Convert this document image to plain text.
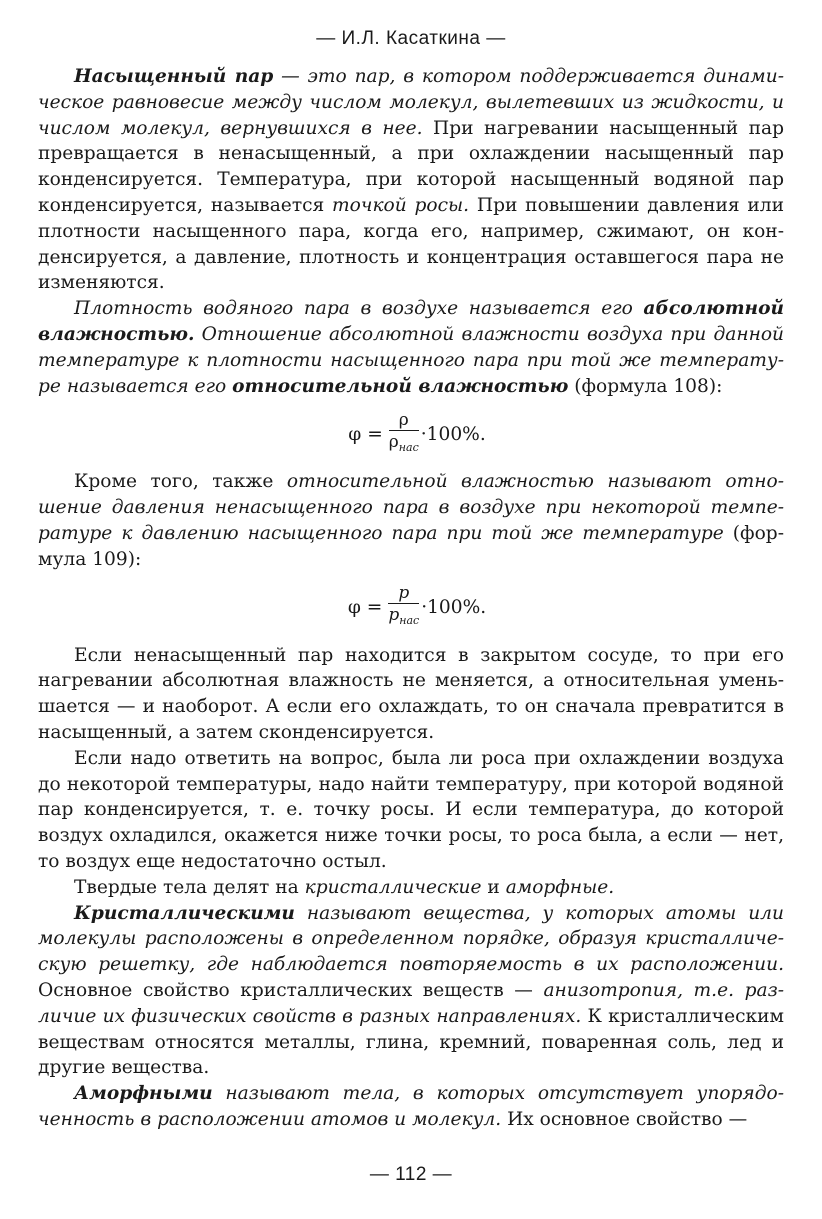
— И.Л. Касаткина —

Насыщенный пар — это пар, в котором поддерживается динамическое равновесие между числом молекул, вылетевших из жидкости, и числом молекул, вернувшихся в нее. При нагревании насыщенный пар превращается в ненасыщенный, а при охлаждении насыщенный пар конденсируется. Температура, при которой насыщенный водяной пар конденсируется, называется точкой росы. При повышении давления или плотности насыщенного пара, когда его, например, сжимают, он конденсируется, а давление, плотность и концентрация оставшегося пара не изменяются.

Плотность водяного пара в воздухе называется его абсолютной влажностью. Отношение абсолютной влажности воздуха при данной температуре к плотности насыщенного пара при той же температуре называется его относительной влажностью (формула 108):

$\varphi = \frac{\rho}{\rho_{нас}} \cdot 100\%$.

Кроме того, также относительной влажностью называют отношение давления ненасыщенного пара в воздухе при некоторой температуре к давлению насыщенного пара при той же температуре (формула 109):

$\varphi = \frac{p}{p_{нас}} \cdot 100\%$.

Если ненасыщенный пар находится в закрытом сосуде, то при его нагревании абсолютная влажность не меняется, а относительная уменьшается — и наоборот. А если его охлаждать, то он сначала превратится в насыщенный, а затем сконденсируется.

Если надо ответить на вопрос, была ли роса при охлаждении воздуха до некоторой температуры, надо найти температуру, при которой водяной пар конденсируется, т. е. точку росы. И если температура, до которой воздух охладился, окажется ниже точки росы, то роса была, а если — нет, то воздух еще недостаточно остыл.

Твердые тела делят на кристаллические и аморфные.

Кристаллическими называют вещества, у которых атомы или молекулы расположены в определенном порядке, образуя кристаллическую решетку, где наблюдается повторяемость в их расположении. Основное свойство кристаллических веществ — анизотропия, т.е. различие их физических свойств в разных направлениях. К кристаллическим веществам относятся металлы, глина, кремний, поваренная соль, лед и другие вещества.

Аморфными называют тела, в которых отсутствует упорядоченность в расположении атомов и молекул. Их основное свойство —

— 112 —
